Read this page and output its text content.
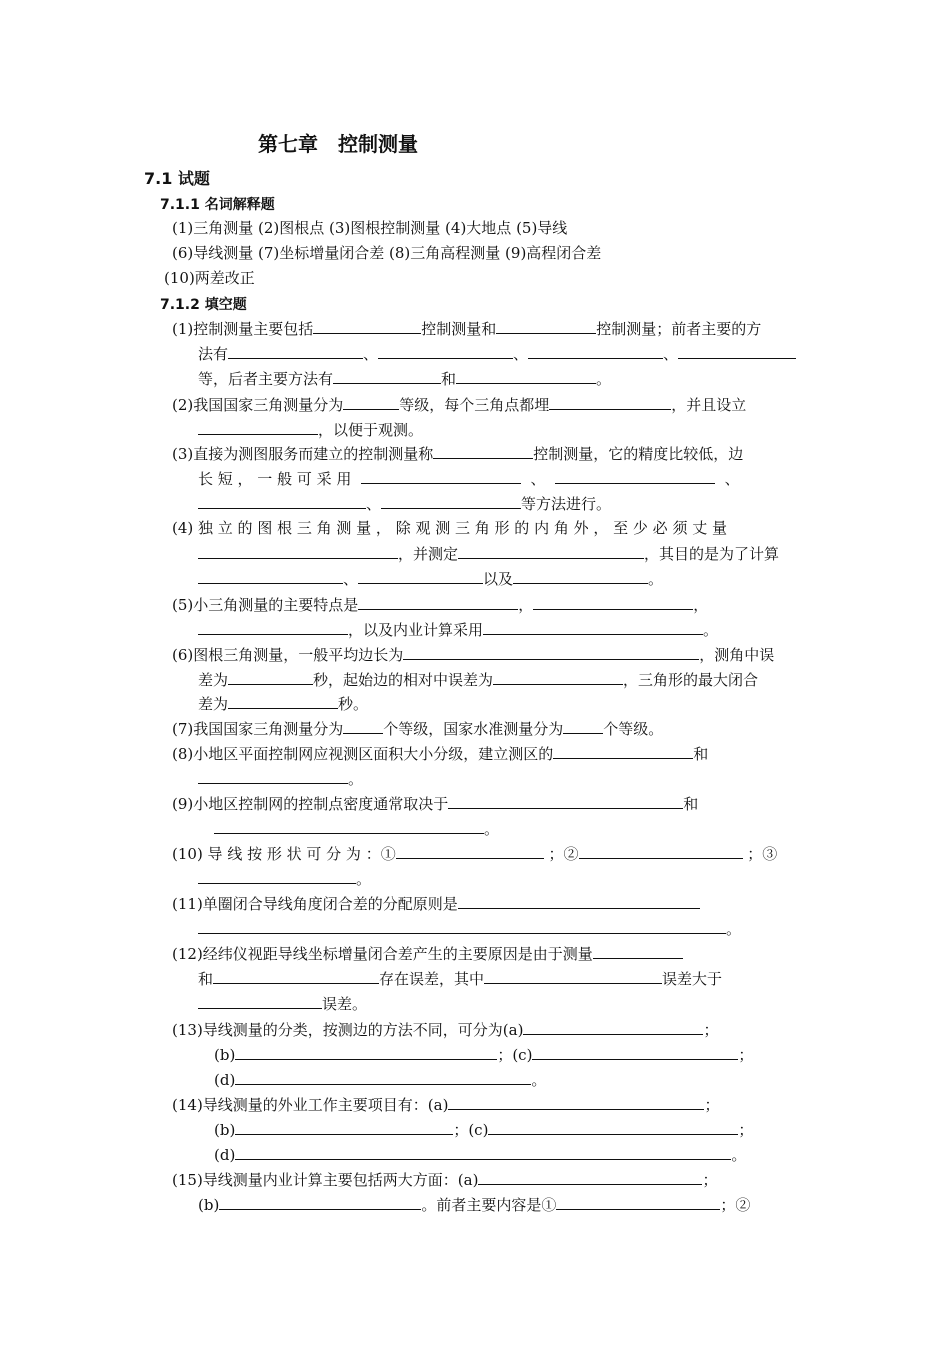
第七章　控制测量
7.1 试题
7.1.1 名词解释题
(1)三角测量 (2)图根点 (3)图根控制测量 (4)大地点 (5)导线
(6)导线测量 (7)坐标增量闭合差 (8)三角高程测量 (9)高程闭合差
(10)两差改正
7.1.2 填空题
(1)控制测量主要包括	控制测量和	控制测量；前者主要的方
法有	、	、	、
等，后者主要方法有	和	。
(2)我国国家三角测量分为	等级，每个三角点都埋	，并且设立
，以便于观测。
(3)直接为测图服务而建立的控制测量称	控制测量，它的精度比较低，边
长 短 ， 一 般 可 采 用	、	、
、	等方法进行。
(4) 独 立 的 图 根 三 角 测 量 ， 除 观 测 三 角 形 的 内 角 外 ， 至 少 必 须 丈 量
，并测定	，其目的是为了计算
、	以及	。
(5)小三角测量的主要特点是	，	，
，以及内业计算采用	。
(6)图根三角测量，一般平均边长为	，测角中误
差为	秒，起始边的相对中误差为	，三角形的最大闭合
差为	秒。
(7)我国国家三角测量分为	个等级，国家水准测量分为	个等级。
(8)小地区平面控制网应视测区面积大小分级，建立测区的	和
。
(9)小地区控制网的控制点密度通常取决于	和
。
(10) 导 线 按 形 状 可 分 为 ：①	；②	；③
。
(11)单圈闭合导线角度闭合差的分配原则是
。
(12)经纬仪视距导线坐标增量闭合差产生的主要原因是由于测量
和	存在误差，其中	误差大于
误差。
(13)导线测量的分类，按测边的方法不同，可分为(a)	；
(b)	；(c)	；
(d)	。
(14)导线测量的外业工作主要项目有：(a)	；
(b)	；(c)	；
(d)	。
(15)导线测量内业计算主要包括两大方面：(a)	；
(b)	。前者主要内容是①	；②
